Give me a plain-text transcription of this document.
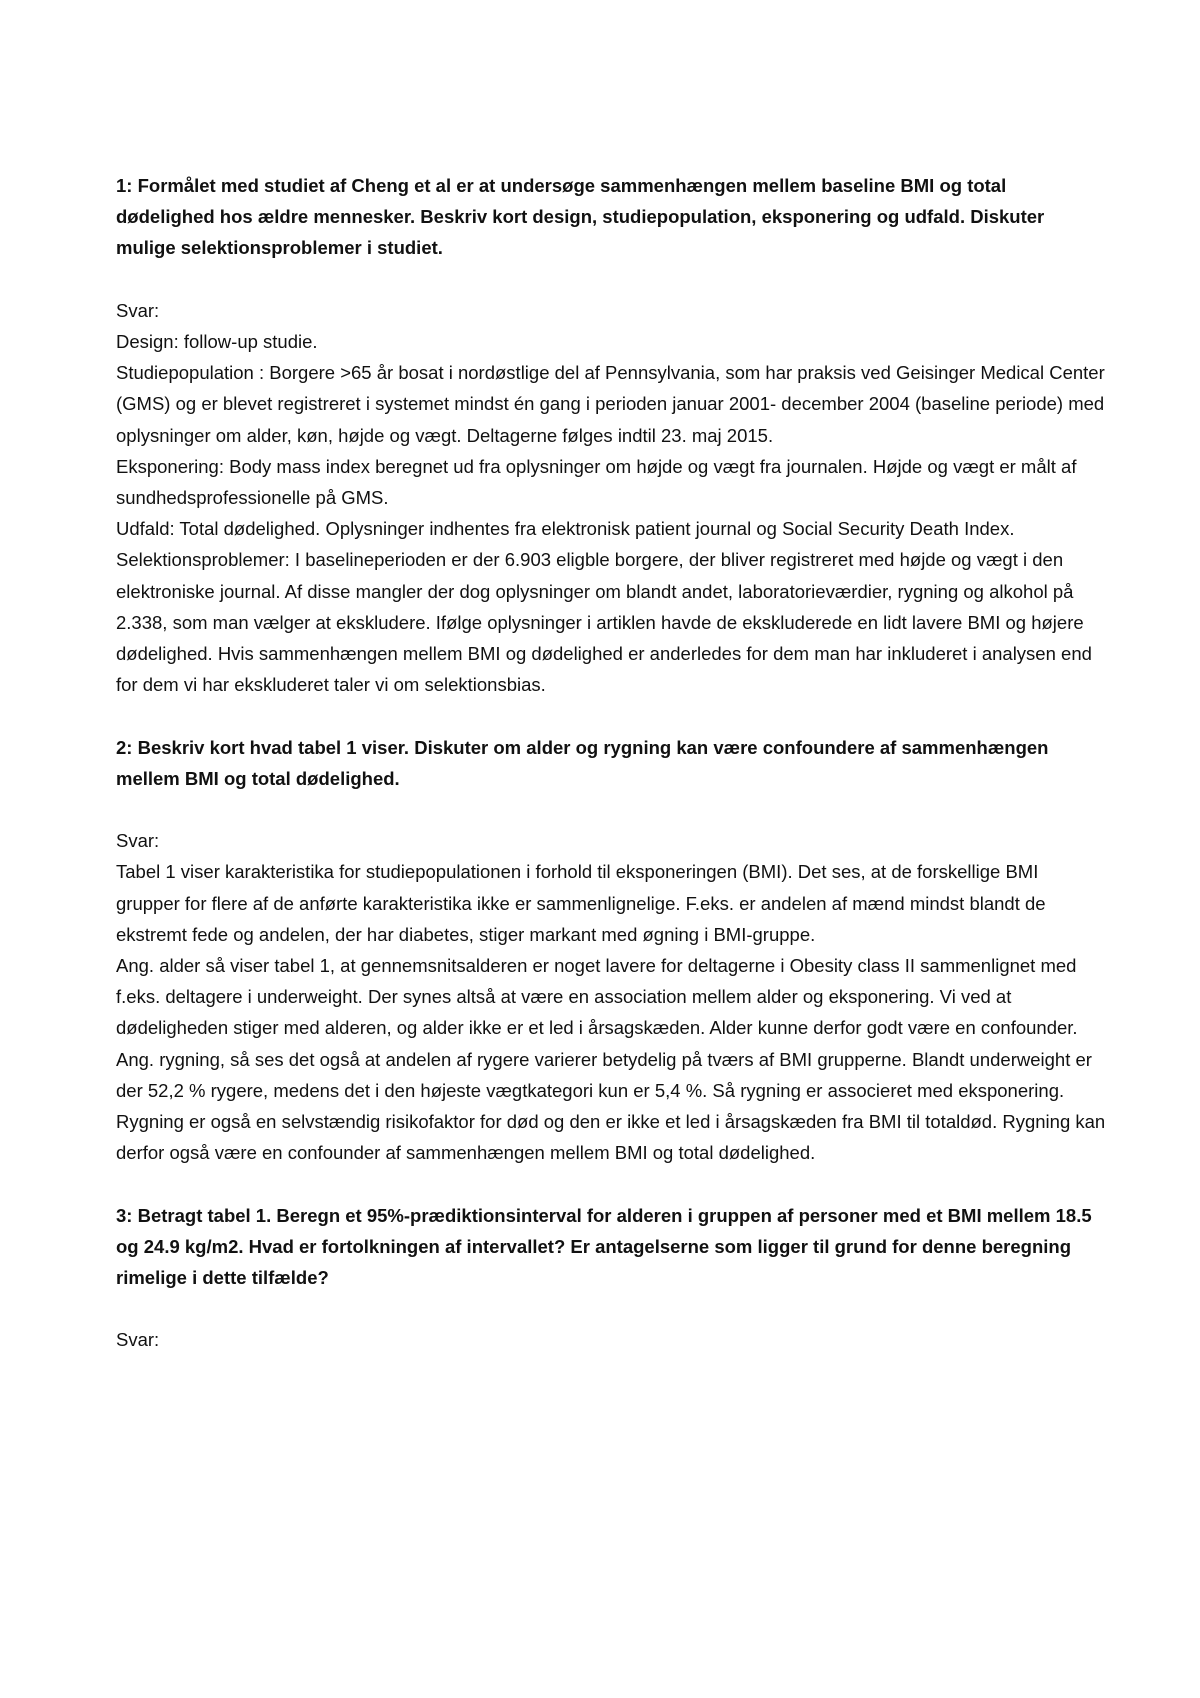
1: Formålet med studiet af Cheng et al er at undersøge sammenhængen mellem baseline BMI og total dødelighed hos ældre mennesker. Beskriv kort design, studiepopulation, eksponering og udfald. Diskuter mulige selektionsproblemer i studiet.

Svar:

Design: follow-up studie.

Studiepopulation : Borgere >65 år bosat i nordøstlige del af Pennsylvania, som har praksis ved Geisinger Medical Center (GMS) og er blevet registreret i systemet mindst én gang i perioden januar 2001- december 2004 (baseline periode) med oplysninger om alder, køn, højde og vægt. Deltagerne følges indtil 23. maj 2015.

Eksponering: Body mass index beregnet ud fra oplysninger om højde og vægt fra journalen. Højde og vægt er målt af sundhedsprofessionelle på GMS.

Udfald: Total dødelighed. Oplysninger indhentes fra elektronisk patient journal og Social Security Death Index.

Selektionsproblemer: I baselineperioden er der 6.903 eligble borgere, der bliver registreret med højde og vægt i den elektroniske journal. Af disse mangler der dog oplysninger om blandt andet, laboratorieværdier, rygning og alkohol på 2.338, som man vælger at ekskludere. Ifølge oplysninger i artiklen havde de ekskluderede en lidt lavere BMI og højere dødelighed. Hvis sammenhængen mellem BMI og dødelighed er anderledes for dem man har inkluderet i analysen end for dem vi har ekskluderet taler vi om selektionsbias.

2: Beskriv kort hvad tabel 1 viser. Diskuter om alder og rygning kan være confoundere af sammenhængen mellem BMI og total dødelighed.

Svar:

Tabel 1 viser karakteristika for studiepopulationen i forhold til eksponeringen (BMI). Det ses, at de forskellige BMI grupper for flere af de anførte karakteristika ikke er sammenlignelige. F.eks. er andelen af mænd mindst blandt de ekstremt fede og andelen, der har diabetes, stiger markant med øgning i BMI-gruppe.

Ang. alder så viser tabel 1, at gennemsnitsalderen er noget lavere for deltagerne i Obesity class II sammenlignet med f.eks. deltagere i underweight. Der synes altså at være en association mellem alder og eksponering. Vi ved at dødeligheden stiger med alderen, og alder ikke er et led i årsagskæden. Alder kunne derfor godt være en confounder.

Ang. rygning, så ses det også at andelen af rygere varierer betydelig på tværs af BMI grupperne. Blandt underweight er der 52,2 % rygere, medens det i den højeste vægtkategori kun er 5,4 %. Så rygning er associeret med eksponering. Rygning er også en selvstændig risikofaktor for død og den er ikke et led i årsagskæden fra BMI til totaldød. Rygning kan derfor også være en confounder af sammenhængen mellem BMI og total dødelighed.

3: Betragt tabel 1. Beregn et 95%-prædiktionsinterval for alderen i gruppen af personer med et BMI mellem 18.5 og 24.9 kg/m2. Hvad er fortolkningen af intervallet? Er antagelserne som ligger til grund for denne beregning rimelige i dette tilfælde?

Svar:
